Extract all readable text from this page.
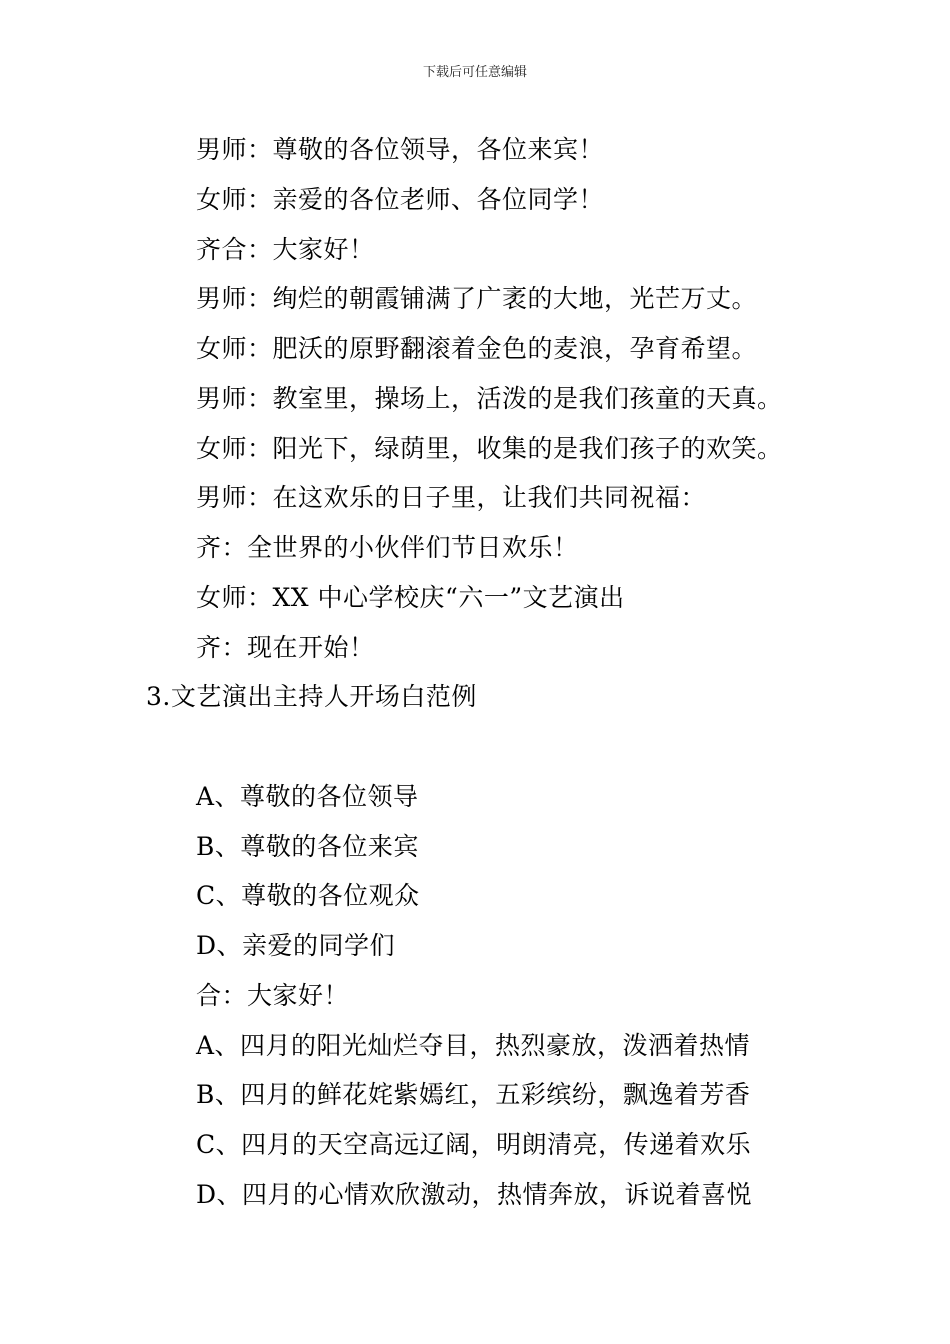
下载后可任意编辑
男师：尊敬的各位领导，各位来宾！
女师：亲爱的各位老师、各位同学！
齐合：大家好！
男师：绚烂的朝霞铺满了广袤的大地，光芒万丈。
女师：肥沃的原野翻滚着金色的麦浪，孕育希望。
男师：教室里，操场上，活泼的是我们孩童的天真。
女师：阳光下，绿荫里，收集的是我们孩子的欢笑。
男师：在这欢乐的日子里，让我们共同祝福：
齐：全世界的小伙伴们节日欢乐！
女师：XX 中心学校庆“六一”文艺演出
齐：现在开始！
3.文艺演出主持人开场白范例
A、尊敬的各位领导
B、尊敬的各位来宾
C、尊敬的各位观众
D、亲爱的同学们
合：大家好！
A、四月的阳光灿烂夺目，热烈豪放，泼洒着热情
B、四月的鲜花姹紫嫣红，五彩缤纷，飘逸着芳香
C、四月的天空高远辽阔，明朗清亮，传递着欢乐
D、四月的心情欢欣激动，热情奔放，诉说着喜悦
